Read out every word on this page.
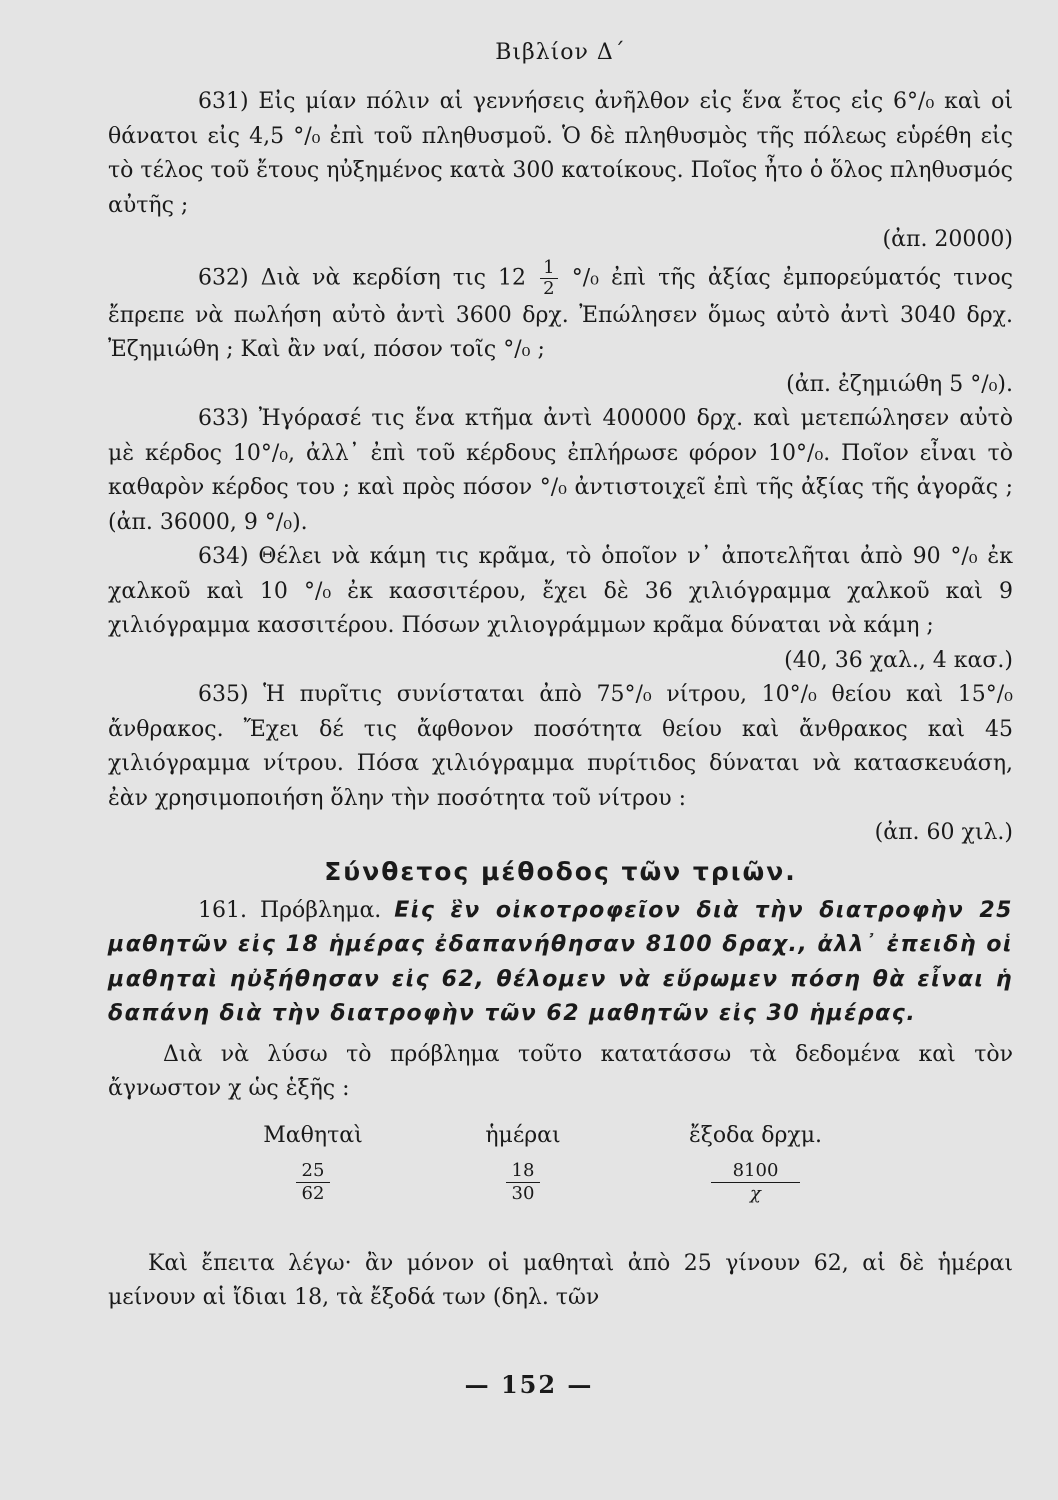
Βιβλίον Δ΄

631) Εἰς μίαν πόλιν αἱ γεννήσεις ἀνῆλθον εἰς ἕνα ἔτος εἰς 6°/₀ καὶ οἱ θάνατοι εἰς 4,5 °/₀ ἐπὶ τοῦ πληθυσμοῦ. Ὁ δὲ πληθυσμὸς τῆς πόλεως εὑρέθη εἰς τὸ τέλος τοῦ ἔτους ηὐξημένος κατὰ 300 κατοίκους. Ποῖος ἦτο ὁ ὅλος πληθυσμός αὐτῆς ;
(ἀπ. 20000)

632) Διὰ νὰ κερδίση τις $12 \frac{1}{2} ^\circ/_0$ ἐπὶ τῆς ἀξίας ἐμπορεύματός τινος ἔπρεπε νὰ πωλήση αὐτὸ ἀντὶ 3600 δρχ. Ἐπώλησεν ὅμως αὐτὸ ἀντὶ 3040 δρχ. Ἐζημιώθη ; Καὶ ἂν ναί, πόσον τοῖς °/₀ ;
(ἀπ. ἐζημιώθη 5 °/₀).

633) Ἠγόρασέ τις ἕνα κτῆμα ἀντὶ 400000 δρχ. καὶ μετεπώλησεν αὐτὸ μὲ κέρδος 10°/₀, ἀλλ᾽ ἐπὶ τοῦ κέρδους ἐπλήρωσε φόρον 10°/₀. Ποῖον εἶναι τὸ καθαρὸν κέρδος του ; καὶ πρὸς πόσον °/₀ ἀντιστοιχεῖ ἐπὶ τῆς ἀξίας τῆς ἀγορᾶς ; (ἀπ. 36000, 9 °/₀).

634) Θέλει νὰ κάμη τις κρᾶμα, τὸ ὁποῖον ν᾽ ἀποτελῆται ἀπὸ 90 °/₀ ἐκ χαλκοῦ καὶ 10 °/₀ ἐκ κασσιτέρου, ἔχει δὲ 36 χιλιόγραμμα χαλκοῦ καὶ 9 χιλιόγραμμα κασσιτέρου. Πόσων χιλιογράμμων κρᾶμα δύναται νὰ κάμη ;
(40, 36 χαλ., 4 κασ.)

635) Ἡ πυρῖτις συνίσταται ἀπὸ 75°/₀ νίτρου, 10°/₀ θείου καὶ 15°/₀ ἄνθρακος. Ἔχει δέ τις ἄφθονον ποσότητα θείου καὶ ἄνθρακος καὶ 45 χιλιόγραμμα νίτρου. Πόσα χιλιόγραμμα πυρίτιδος δύναται νὰ κατασκευάση, ἐὰν χρησιμοποιήση ὅλην τὴν ποσότητα τοῦ νίτρου :
(ἀπ. 60 χιλ.)

Σύνθετος μέθοδος τῶν τριῶν.

161. Πρόβλημα. Εἰς ἓν οἰκοτροφεῖον διὰ τὴν διατροφὴν 25 μαθητῶν εἰς 18 ἡμέρας ἐδαπανήθησαν 8100 δραχ., ἀλλ᾽ ἐπειδὴ οἱ μαθηταὶ ηὐξήθησαν εἰς 62, θέλομεν νὰ εὕρωμεν πόση θὰ εἶναι ἡ δαπάνη διὰ τὴν διατροφὴν τῶν 62 μαθητῶν εἰς 30 ἡμέρας.

Διὰ νὰ λύσω τὸ πρόβλημα τοῦτο κατατάσσω τὰ δεδομένα καὶ τὸν ἄγνωστον χ ὡς ἑξῆς :

Μαθηταὶ
$\frac{25}{62}$
ἡμέραι
$\frac{18}{30}$
ἔξοδα δρχμ.
$\frac{8100}{\chi}$

Καὶ ἔπειτα λέγω· ἂν μόνον οἱ μαθηταὶ ἀπὸ 25 γίνουν 62, αἱ δὲ ἡμέραι μείνουν αἱ ἴδιαι 18, τὰ ἔξοδά των (δηλ. τῶν

— 152 —
